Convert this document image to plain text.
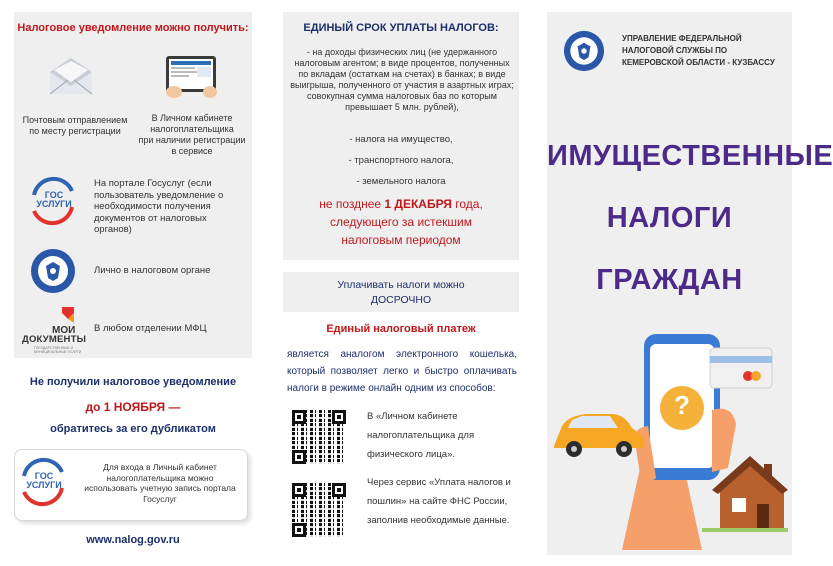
Налоговое уведомление можно получить:
Почтовым отправлением
по месту регистрации
В Личном кабинете
налогоплательщика
при наличии регистрации
в сервисе
ГОС УСЛУГИ
На портале Госуслуг (если пользователь уведомление о необходимости получения документов от налоговых органов)
Лично в налоговом органе
МОИ
ДОКУМЕНТЫ
ГОСУДАРСТВЕННЫЕ И МУНИЦИПАЛЬНЫЕ УСЛУГИ
В любом отделении МФЦ
Не получили налоговое уведомление
до 1 НОЯБРЯ —
обратитесь за его дубликатом
ГОС УСЛУГИ
Для входа в Личный кабинет налогоплательщика можно использовать учетную запись портала Госуслуг
www.nalog.gov.ru
ЕДИНЫЙ СРОК УПЛАТЫ НАЛОГОВ:
- на доходы физических лиц (не удержанного налоговым агентом; в виде процентов, полученных по вкладам (остаткам на счетах) в банках; в виде выигрыша, полученного от участия в азартных играх; совокупная сумма налоговых баз по которым превышает 5 млн. рублей),
- налога на имущество,
- транспортного налога,
- земельного налога
не позднее 1 ДЕКАБРЯ года,
следующего за истекшим
налоговым периодом
Уплачивать налоги можно
ДОСРОЧНО
Единый налоговый платеж
является аналогом электронного кошелька, который позволяет легко и быстро оплачивать налоги в режиме онлайн одним из способов:
В «Личном кабинете налогоплательщика для физического лица».
Через сервис «Уплата налогов и пошлин» на сайте ФНС России, заполнив необходимые данные.
УПРАВЛЕНИЕ ФЕДЕРАЛЬНОЙ
НАЛОГОВОЙ СЛУЖБЫ ПО
КЕМЕРОВСКОЙ ОБЛАСТИ - КУЗБАССУ
ИМУЩЕСТВЕННЫЕ
НАЛОГИ
ГРАЖДАН
?
